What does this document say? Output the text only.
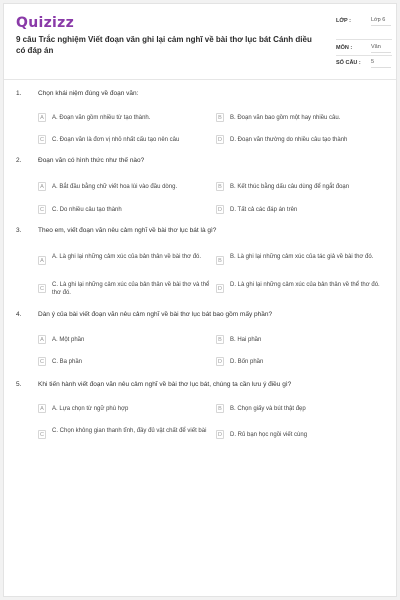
Quizizz
9 câu Trắc nghiệm Viết đoạn văn ghi lại cảm nghĩ về bài thơ lục bát Cánh diều có đáp án
LỚP :	Lớp 6
MÔN :	Văn
SỐ CÂU : 5
1.	Chọn khái niệm đúng về đoạn văn:
A	A. Đoạn văn gồm nhiều từ tạo thành.	B	B. Đoạn văn bao gồm một hay nhiều câu.
C	C. Đoạn văn là đơn vị nhỏ nhất cấu tạo nên câu	D	D. Đoạn văn thường do nhiều câu tạo thành
2.	Đoạn văn có hình thức như thế nào?
A	A. Bắt đầu bằng chữ viết hoa lùi vào đầu dòng.	B	B. Kết thúc bằng dấu câu dùng để ngắt đoạn
C	C. Do nhiều câu tạo thành	D	D. Tất cả các đáp án trên
3.	Theo em, viết đoạn văn nêu cảm nghĩ về bài thơ lục bát là gì?
A
A. Là ghi lại những cảm xúc của bản thân về bài thơ đó.
B
B. Là ghi lại những cảm xúc của tác giả về bài thơ đó.
C
C. Là ghi lại những cảm xúc của bản thân về bài thơ và thể thơ đó.
D
D. Là ghi lại những cảm xúc của bản thân về thể thơ đó.
4.	Dàn ý của bài viết đoạn văn nêu cảm nghĩ về bài thơ lục bát bao gồm mấy phần?
A	A. Một phần	B	B. Hai phần
C	C. Ba phần	D	D. Bốn phần
5.	Khi tiến hành viết đoạn văn nêu cảm nghĩ về bài thơ lục bát, chúng ta cần lưu ý điều gì?
A	A. Lựa chọn từ ngữ phù hợp	B	B. Chọn giấy và bút thật đẹp
C
C. Chọn không gian thanh tĩnh, đầy đủ vật chất để viết bài
D	D. Rủ bạn học ngồi viết cùng
